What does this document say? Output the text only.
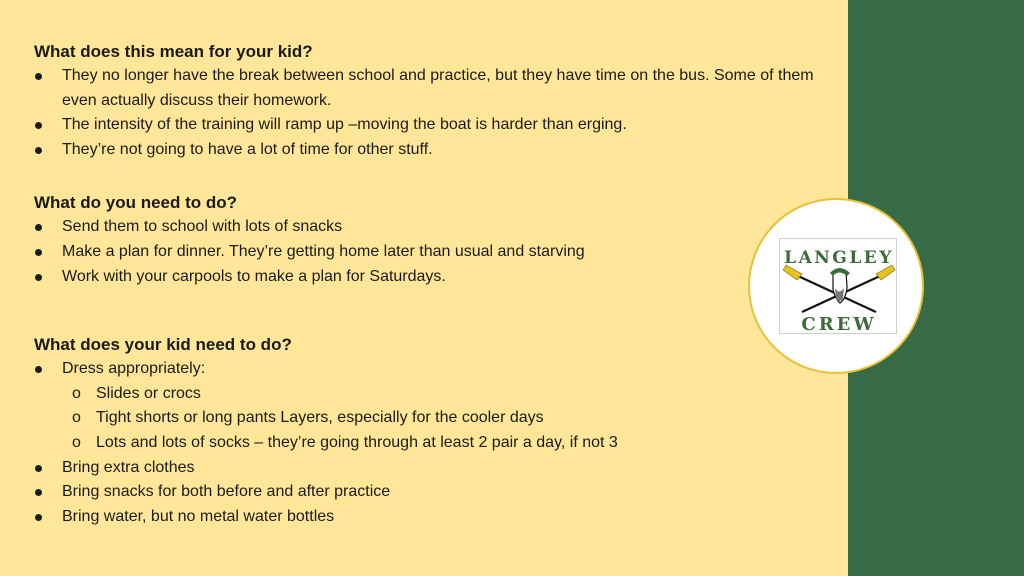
What does this mean for your kid?

They no longer have the break between school and practice, but they have time on the bus. Some of them even actually discuss their homework.
The intensity of the training will ramp up –moving the boat is harder than erging.
They’re not going to have a lot of time for other stuff.

What do you need to do?

Send them to school with lots of snacks
Make a plan for dinner. They’re getting home later than usual and starving
Work with your carpools to make a plan for Saturdays.

What does your kid need to do?

Dress appropriately:
o Slides or crocs
o Tight shorts or long pants Layers, especially for the cooler days
o Lots and lots of socks – they’re going through at least 2 pair a day, if not 3
Bring extra clothes
Bring snacks for both before and after practice
Bring water, but no metal water bottles
LANGLEY
CREW
